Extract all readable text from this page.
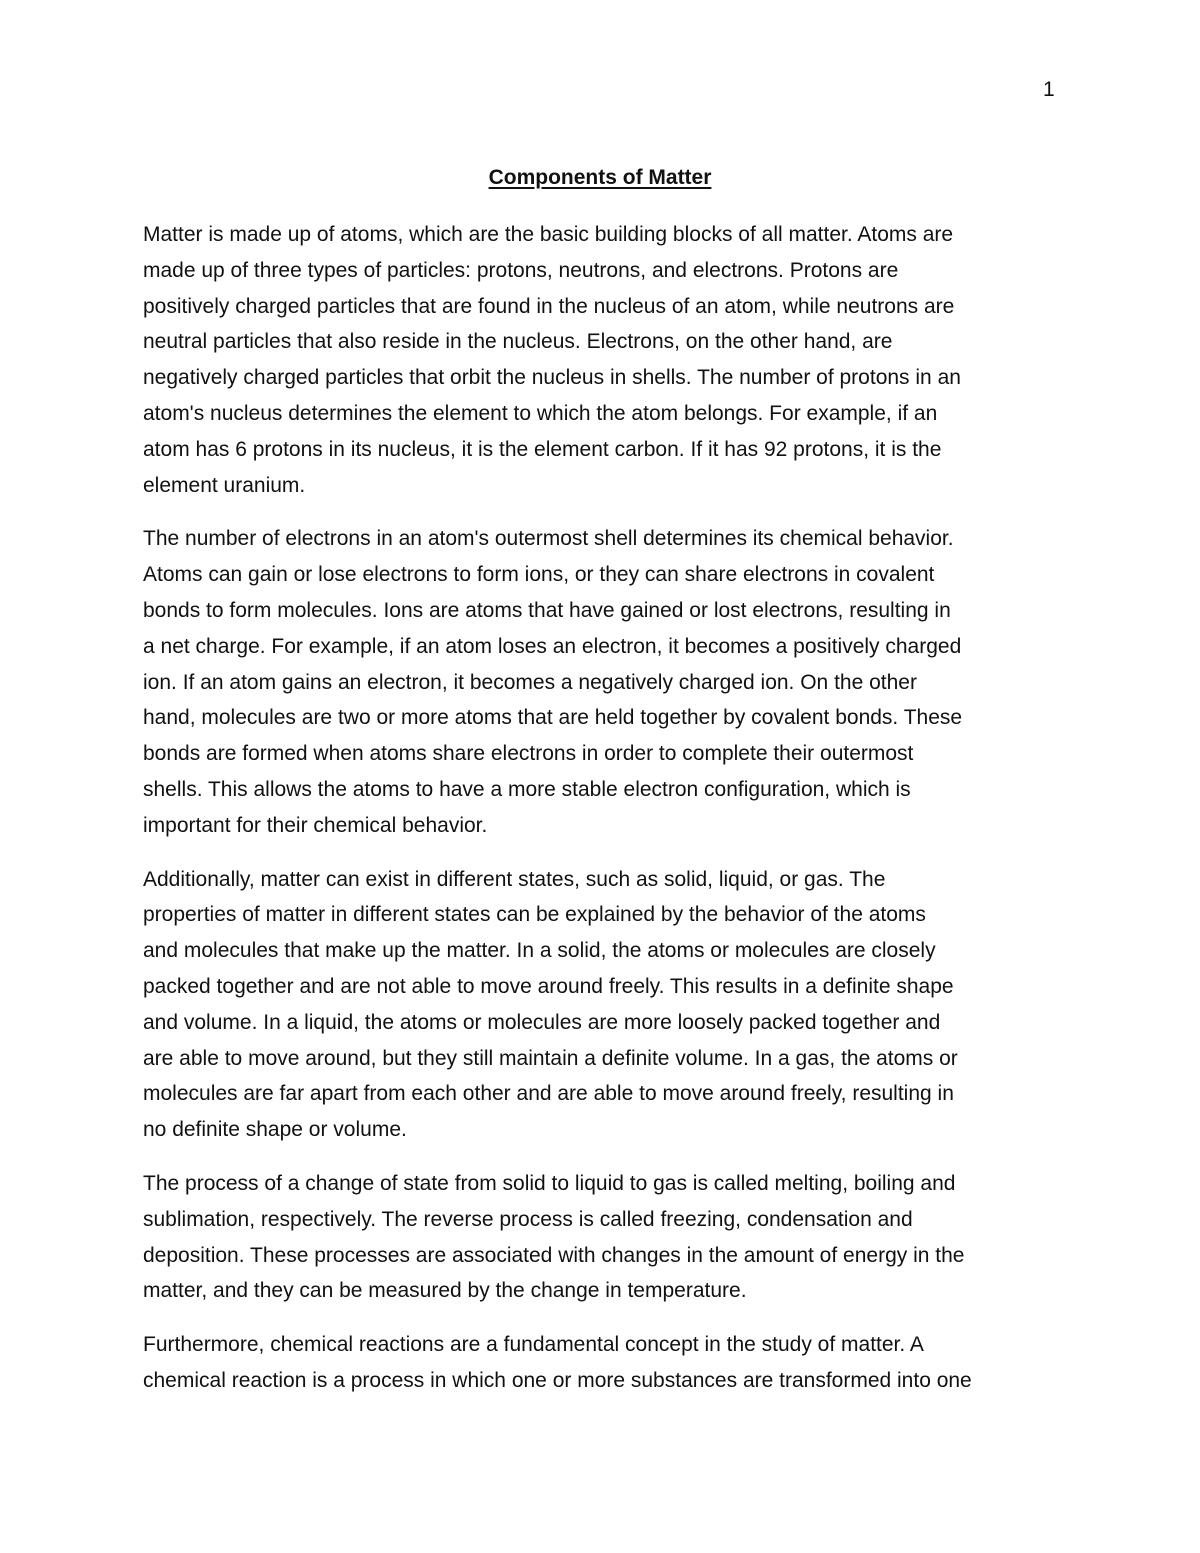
1
Components of Matter

Matter is made up of atoms, which are the basic building blocks of all matter. Atoms are
made up of three types of particles: protons, neutrons, and electrons. Protons are
positively charged particles that are found in the nucleus of an atom, while neutrons are
neutral particles that also reside in the nucleus. Electrons, on the other hand, are
negatively charged particles that orbit the nucleus in shells. The number of protons in an
atom's nucleus determines the element to which the atom belongs. For example, if an
atom has 6 protons in its nucleus, it is the element carbon. If it has 92 protons, it is the
element uranium.

The number of electrons in an atom's outermost shell determines its chemical behavior.
Atoms can gain or lose electrons to form ions, or they can share electrons in covalent
bonds to form molecules. Ions are atoms that have gained or lost electrons, resulting in
a net charge. For example, if an atom loses an electron, it becomes a positively charged
ion. If an atom gains an electron, it becomes a negatively charged ion. On the other
hand, molecules are two or more atoms that are held together by covalent bonds. These
bonds are formed when atoms share electrons in order to complete their outermost
shells. This allows the atoms to have a more stable electron configuration, which is
important for their chemical behavior.

Additionally, matter can exist in different states, such as solid, liquid, or gas. The
properties of matter in different states can be explained by the behavior of the atoms
and molecules that make up the matter. In a solid, the atoms or molecules are closely
packed together and are not able to move around freely. This results in a definite shape
and volume. In a liquid, the atoms or molecules are more loosely packed together and
are able to move around, but they still maintain a definite volume. In a gas, the atoms or
molecules are far apart from each other and are able to move around freely, resulting in
no definite shape or volume.

The process of a change of state from solid to liquid to gas is called melting, boiling and
sublimation, respectively. The reverse process is called freezing, condensation and
deposition. These processes are associated with changes in the amount of energy in the
matter, and they can be measured by the change in temperature.

Furthermore, chemical reactions are a fundamental concept in the study of matter. A
chemical reaction is a process in which one or more substances are transformed into one
